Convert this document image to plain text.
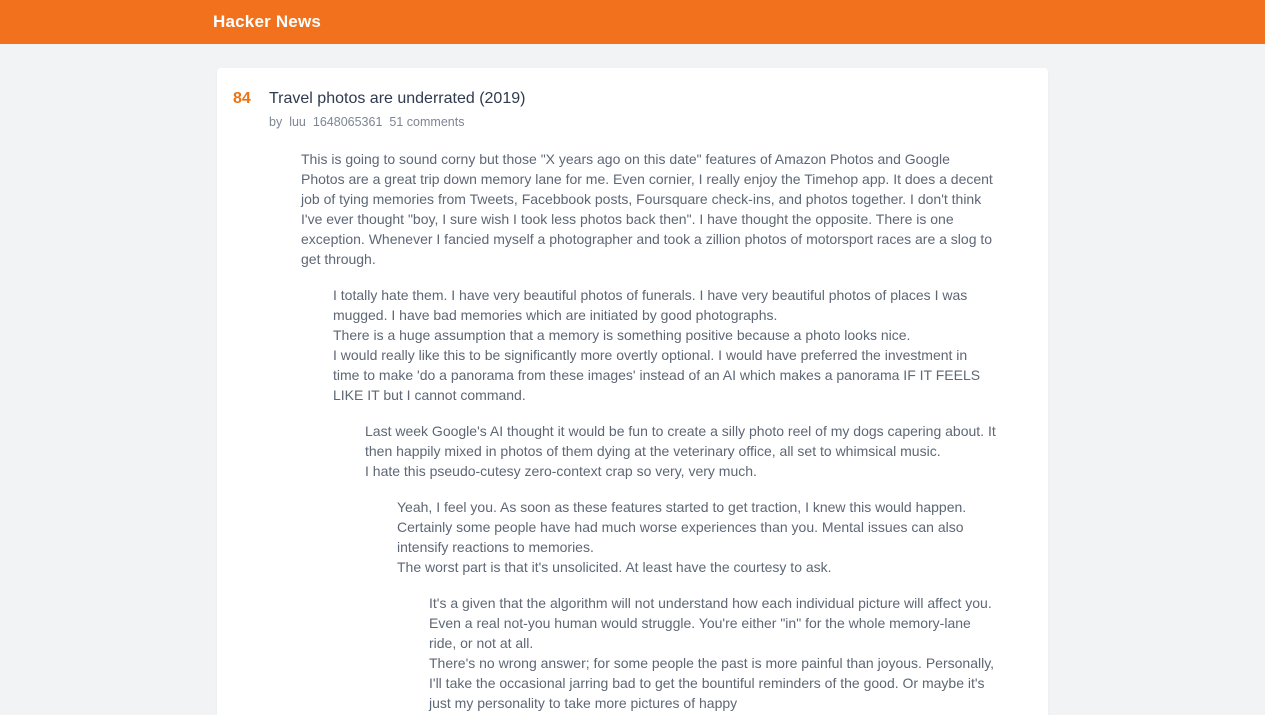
Hacker News
84	Travel photos are underrated (2019)
by luu 1648065361 51 comments
This is going to sound corny but those "X years ago on this date" features of Amazon Photos and Google Photos are a great trip down memory lane for me. Even cornier, I really enjoy the Timehop app. It does a decent job of tying memories from Tweets, Facebbook posts, Foursquare check-ins, and photos together. I don't think I've ever thought "boy, I sure wish I took less photos back then". I have thought the opposite. There is one exception. Whenever I fancied myself a photographer and took a zillion photos of motorsport races are a slog to get through.
I totally hate them. I have very beautiful photos of funerals. I have very beautiful photos of places I was mugged. I have bad memories which are initiated by good photographs.
There is a huge assumption that a memory is something positive because a photo looks nice.
I would really like this to be significantly more overtly optional. I would have preferred the investment in time to make 'do a panorama from these images' instead of an AI which makes a panorama IF IT FEELS LIKE IT but I cannot command.
Last week Google's AI thought it would be fun to create a silly photo reel of my dogs capering about. It then happily mixed in photos of them dying at the veterinary office, all set to whimsical music.
I hate this pseudo-cutesy zero-context crap so very, very much.
Yeah, I feel you. As soon as these features started to get traction, I knew this would happen. Certainly some people have had much worse experiences than you. Mental issues can also intensify reactions to memories.
The worst part is that it's unsolicited. At least have the courtesy to ask.
It's a given that the algorithm will not understand how each individual picture will affect you. Even a real not-you human would struggle. You're either "in" for the whole memory-lane ride, or not at all.
There's no wrong answer; for some people the past is more painful than joyous. Personally, I'll take the occasional jarring bad to get the bountiful reminders of the good. Or maybe it's just my personality to take more pictures of happy
